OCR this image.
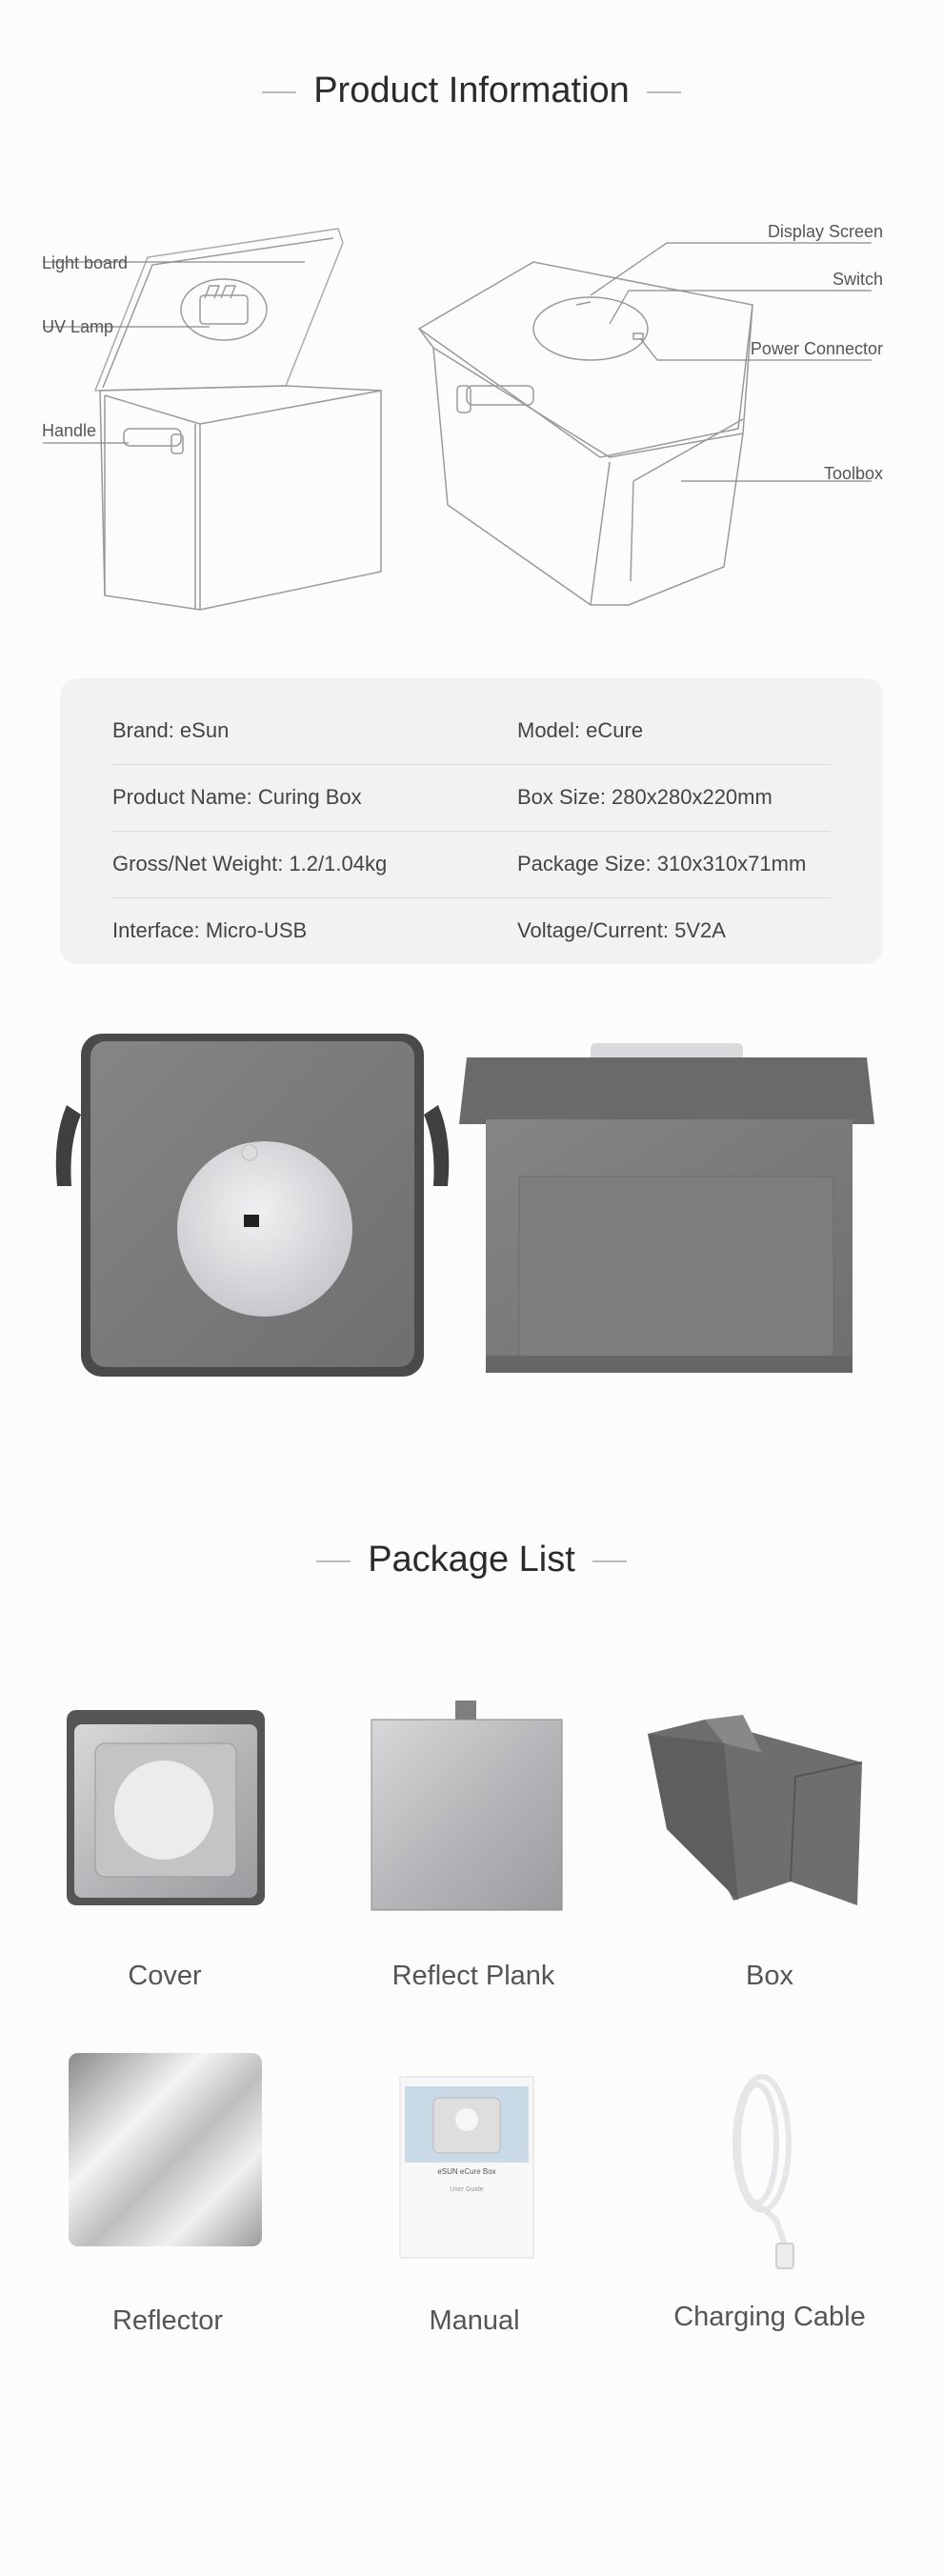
Product Information
Light board
UV Lamp
Handle
Display Screen
Switch
Power Connector
Toolbox
Brand: eSun	Model: eCure
Product Name: Curing Box	Box Size: 280x280x220mm
Gross/Net Weight: 1.2/1.04kg	Package Size: 310x310x71mm
Interface: Micro-USB	Voltage/Current: 5V2A
Package List
eSUN eCure Box
User Guide
Cover	Reflect Plank	Box
Reflector	Manual	Charging Cable
